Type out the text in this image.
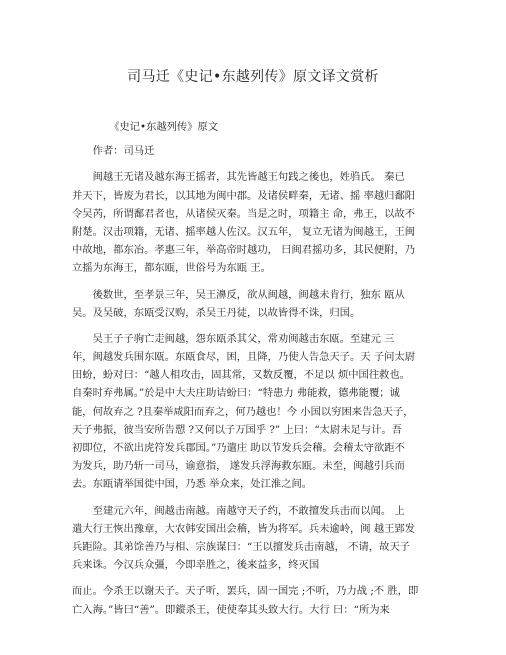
司马迁《史记•东越列传》原文译文赏析
《史记•东越列传》原文
作者：司马迁
闽越王无诸及越东海王摇者，其先皆越王句践之後也，姓驺氏。 秦已
并天下，皆废为君长，以其地为闽中郡。及诸侯畔秦，无诸、摇 率越归鄱阳
令吴芮，所谓鄱君者也，从诸侯灭秦。当是之时，项籍主 命，弗王，以故不
附楚。汉击项籍，无诸、摇率越人佐汉。汉五年， 复立无诸为闽越王，王闽
中故地，都东冶。孝惠三年，举高帝时越功， 曰闽君摇功多，其民便附，乃
立摇为东海王，都东瓯，世俗号为东瓯 王。
後数世，至孝景三年，吴王濞反，欲从闽越，闽越未肯行，独东 瓯从
吴。及吴破，东瓯受汉购，杀吴王丹徒，以故皆得不诛，归国。
吴王子子驹亡走闽越，怨东瓯杀其父，常劝闽越击东瓯。至建元 三
年，闽越发兵围东瓯。东瓯食尽，困，且降，乃使人告急天子。天 子问太尉
田蚡，蚡对曰：“越人相攻击，固其常，又数反覆，不足以 烦中国往救也。
自秦时弃弗属。”於是中大夫庄助诘蚡曰：“特患力 弗能救，德弗能覆；诚
能，何故弃之 ?且秦举咸阳而弃之，何乃越也！今 小国以穷困来告急天子，
天子弗振，彼当安所告愬 ?又何以子万国乎 ?” 上曰：“太尉未足与计。吾
初即位，不欲出虎符发兵郡国。”乃遣庄 助以节发兵会稽。会稽太守欲距不
为发兵，助乃斩一司马，谕意指， 遂发兵浮海救东瓯。未至，闽越引兵而
去。东瓯请举国徙中国，乃悉 举众来，处江淮之间。
至建元六年，闽越击南越。南越守天子约，不敢擅发兵击而以闻。 上
遣大行王恢出豫章，大农韩安国出会稽，皆为将军。兵未逾岭，闽 越王郢发
兵距险。其弟馀善乃与相、宗族谋曰：“王以擅发兵击南越， 不请，故天子
兵来诛。今汉兵众彊，今即幸胜之，後来益多，终灭国
而止。今杀王以谢天子。天子听，罢兵，固一国完 ;不听，乃力战 ;不 胜，即
亡入海。”皆曰“善”。即鏦杀王，使使奉其头致大行。大行 曰：“所为来
